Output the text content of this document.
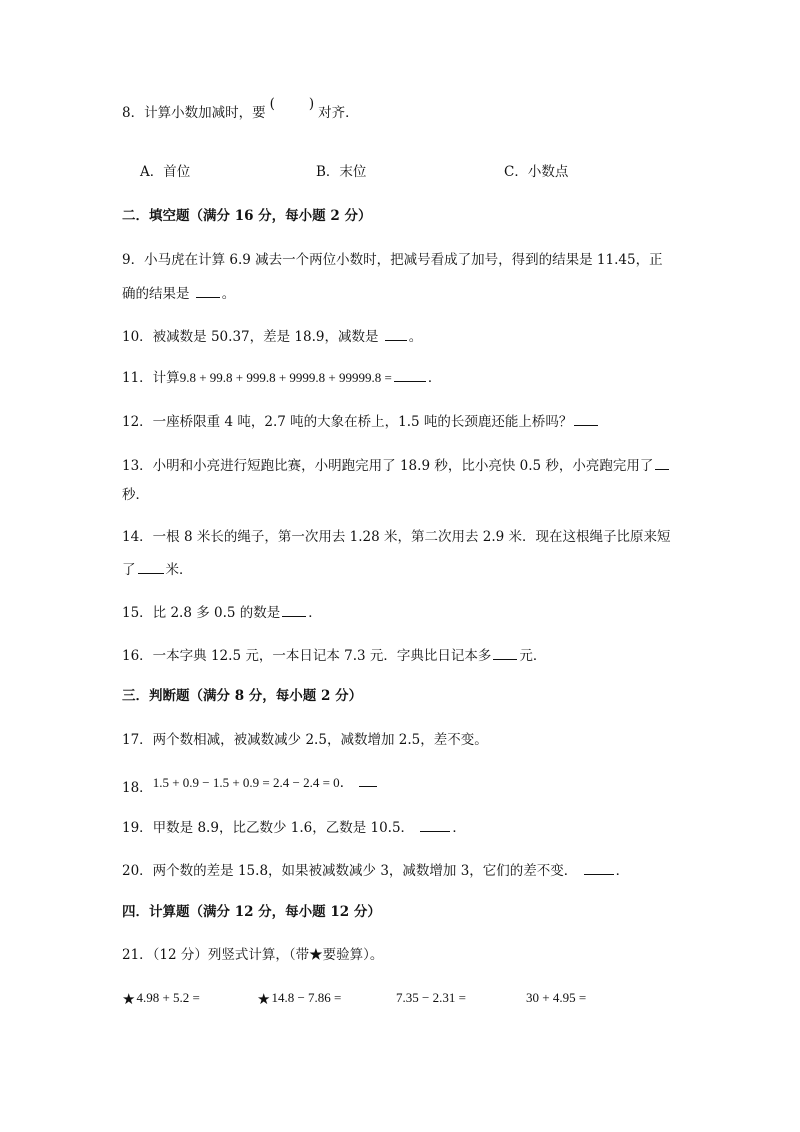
8．计算小数加减时，要(	)对齐．
A．首位	B．末位	C．小数点
二．填空题（满分 16 分，每小题 2 分）
9．小马虎在计算 6.9 减去一个两位小数时，把减号看成了加号，得到的结果是 11.45，正
确的结果是 。
10．被减数是 50.37，差是 18.9，减数是 。
11．计算9.8 + 99.8 + 999.8 + 9999.8 + 99999.8 =	．
12．一座桥限重 4 吨，2.7 吨的大象在桥上，1.5 吨的长颈鹿还能上桥吗？
13．小明和小亮进行短跑比赛，小明跑完用了 18.9 秒，比小亮快 0.5 秒，小亮跑完用了
秒．
14．一根 8 米长的绳子，第一次用去 1.28 米，第二次用去 2.9 米．现在这根绳子比原来短
了 米．
15．比 2.8 多 0.5 的数是 ．
16．一本字典 12.5 元，一本日记本 7.3 元．字典比日记本多 元．
三．判断题（满分 8 分，每小题 2 分）
17．两个数相减，被减数减少 2.5，减数增加 2.5，差不变。
18．1.5 + 0.9 − 1.5 + 0.9 = 2.4 − 2.4 = 0．
19．甲数是 8.9，比乙数少 1.6，乙数是 10.5．	．
20．两个数的差是 15.8，如果被减数减少 3，减数增加 3，它们的差不变．	．
四．计算题（满分 12 分，每小题 12 分）
21．（12 分）列竖式计算，（带★要验算）。
★4.98 + 5.2 =	★14.8 − 7.86 =	7.35 − 2.31 =	30 + 4.95 =
